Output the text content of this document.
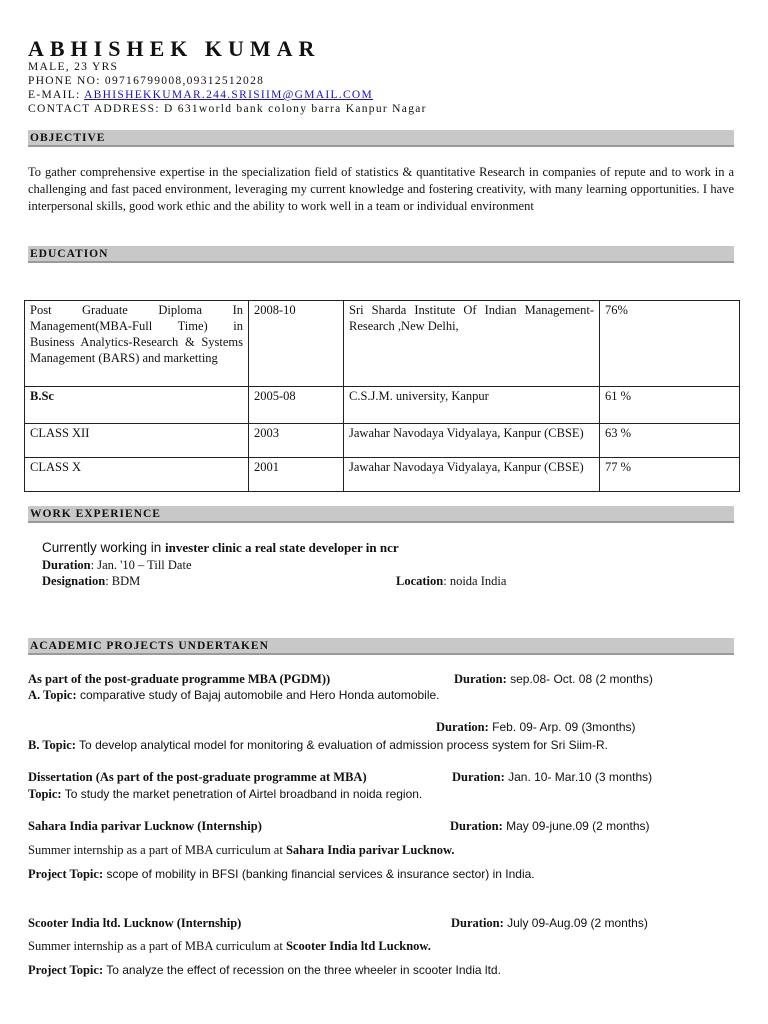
ABHISHEK KUMAR
MALE, 23 YRS
PHONE NO: 09716799008,09312512028
E-MAIL: ABHISHEKKUMAR.244.SRISIIM@GMAIL.COM
CONTACT ADDRESS: D 631world bank colony barra Kanpur Nagar
OBJECTIVE

To gather comprehensive expertise in the specialization field of statistics & quantitative Research in companies of repute and to work in a challenging and fast paced environment, leveraging my current knowledge and fostering creativity, with many learning opportunities. I have interpersonal skills, good work ethic and the ability to work well in a team or individual environment

EDUCATION
Post Graduate Diploma In Management(MBA-Full Time) in Business Analytics-Research & Systems Management (BARS) and marketting	2008-10	Sri Sharda Institute Of Indian Management-Research ,New Delhi,	76%
B.Sc	2005-08	C.S.J.M. university, Kanpur	61 %
CLASS XII	2003	Jawahar Navodaya Vidyalaya, Kanpur (CBSE)	63 %
CLASS X	2001	Jawahar Navodaya Vidyalaya, Kanpur (CBSE)	77 %
WORK EXPERIENCE
Currently working in invester clinic a real state developer in ncr
Duration: Jan. '10 – Till Date
Designation: BDM	Location: noida India
ACADEMIC PROJECTS UNDERTAKEN
As part of the post-graduate programme MBA (PGDM))	Duration: sep.08- Oct. 08 (2 months)
A. Topic: comparative study of Bajaj automobile and Hero Honda automobile.
Duration: Feb. 09- Arp. 09 (3months)
B. Topic: To develop analytical model for monitoring & evaluation of admission process system for Sri Siim-R.
Dissertation (As part of the post-graduate programme at MBA)	Duration: Jan. 10- Mar.10 (3 months)
Topic: To study the market penetration of Airtel broadband in noida region.
Sahara India parivar Lucknow (Internship)	Duration: May 09-june.09 (2 months)
Summer internship as a part of MBA curriculum at Sahara India parivar Lucknow.
Project Topic: scope of mobility in BFSI (banking financial services & insurance sector) in India.
Scooter India ltd. Lucknow (Internship)	Duration: July 09-Aug.09 (2 months)
Summer internship as a part of MBA curriculum at Scooter India ltd Lucknow.
Project Topic: To analyze the effect of recession on the three wheeler in scooter India ltd.
